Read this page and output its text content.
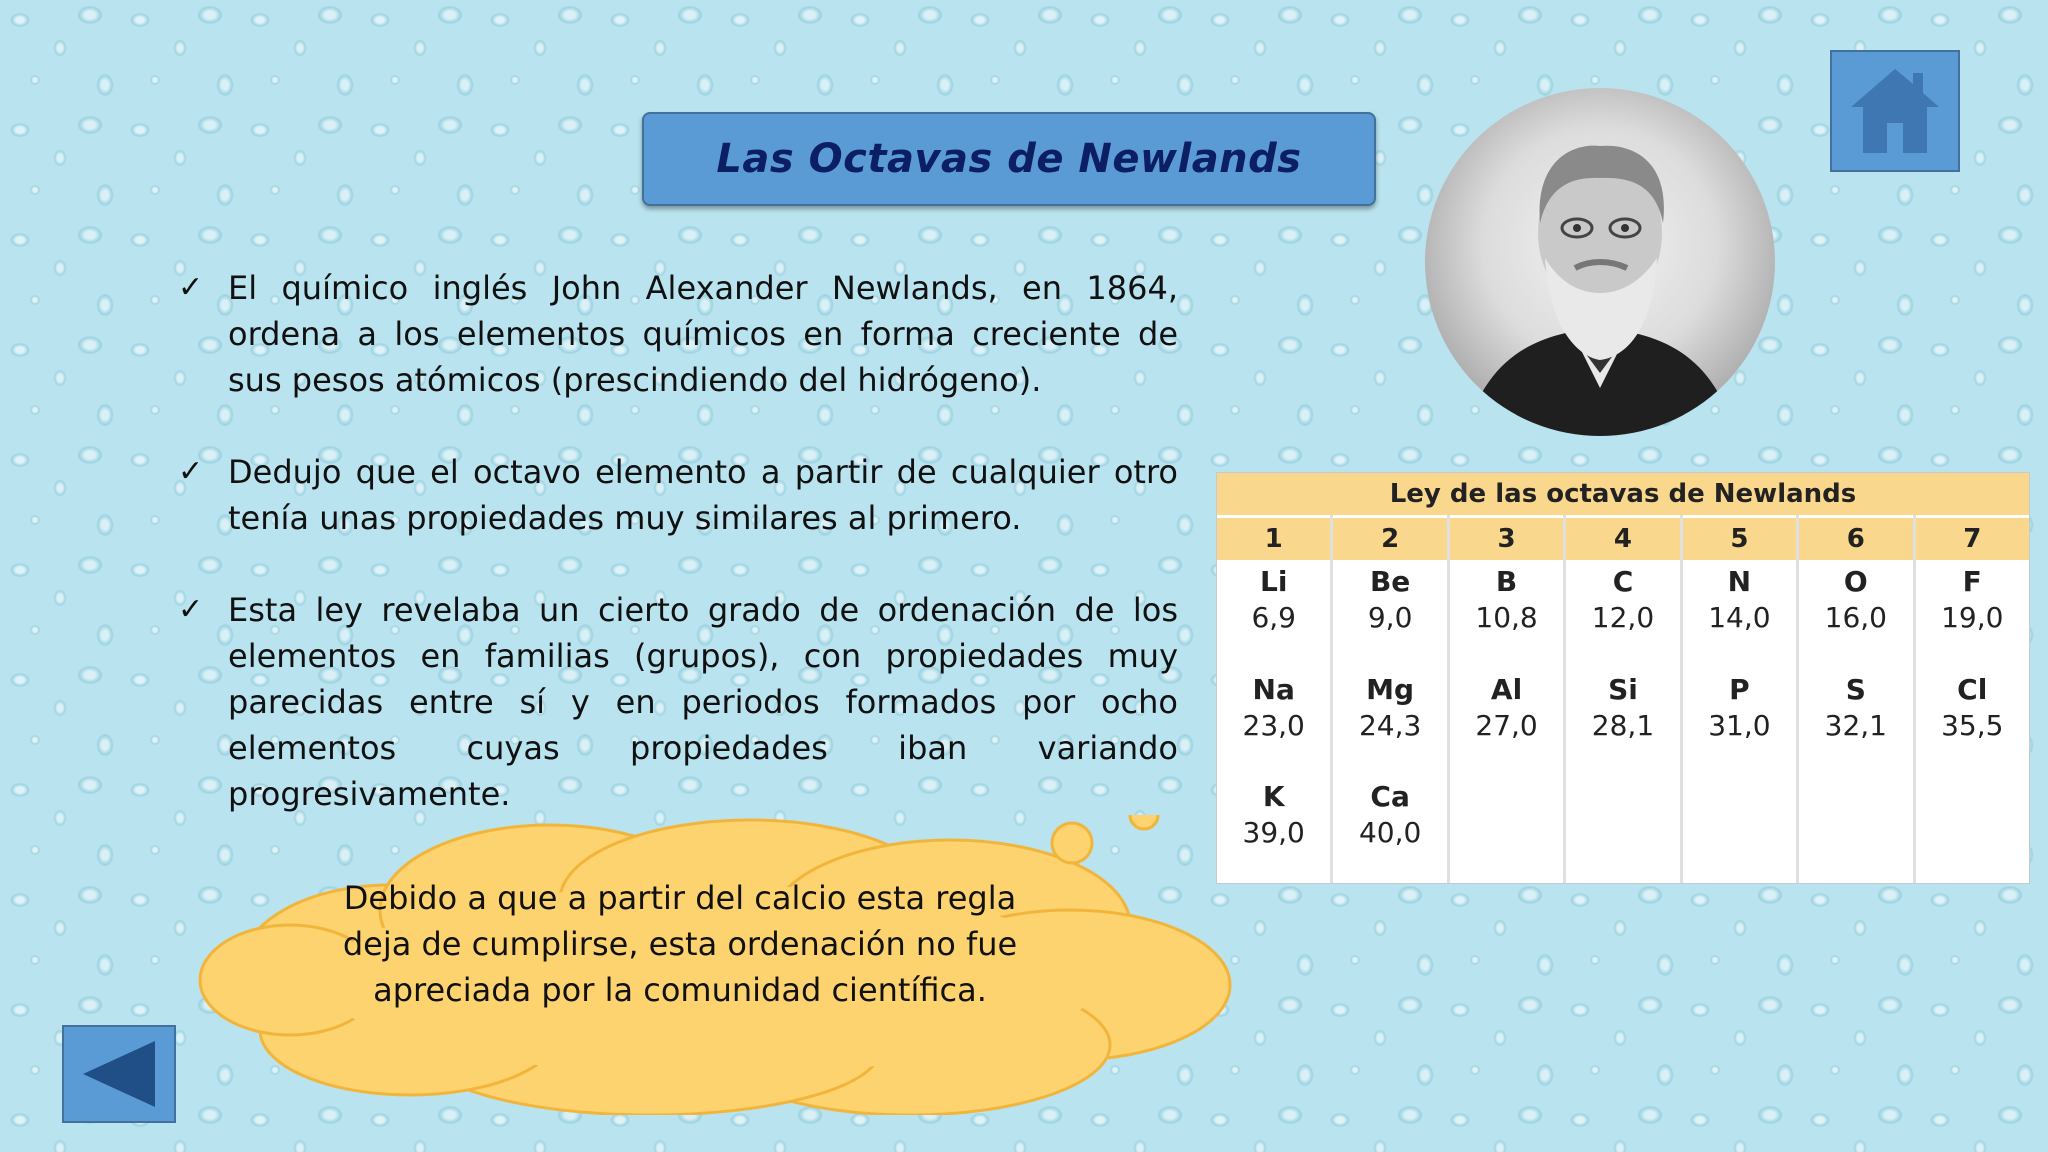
Las Octavas de Newlands
✓ El químico inglés John Alexander Newlands, en 1864, ordena a los elementos químicos en forma creciente de sus pesos atómicos (prescindiendo del hidrógeno).
✓ Dedujo que el octavo elemento a partir de cualquier otro tenía unas propiedades muy similares al primero.
✓ Esta ley revelaba un cierto grado de ordenación de los elementos en familias (grupos), con propiedades muy parecidas entre sí y en periodos formados por ocho elementos cuyas propiedades iban variando progresivamente.
Ley de las octavas de Newlands
1
Li
6,9
Na
23,0
K
39,0
2
Be
9,0
Mg
24,3
Ca
40,0
3
B
10,8
Al
27,0
4
C
12,0
Si
28,1
5
N
14,0
P
31,0
6
O
16,0
S
32,1
7
F
19,0
Cl
35,5
Debido a que a partir del calcio esta regla deja de cumplirse, esta ordenación no fue apreciada por la comunidad científica.
